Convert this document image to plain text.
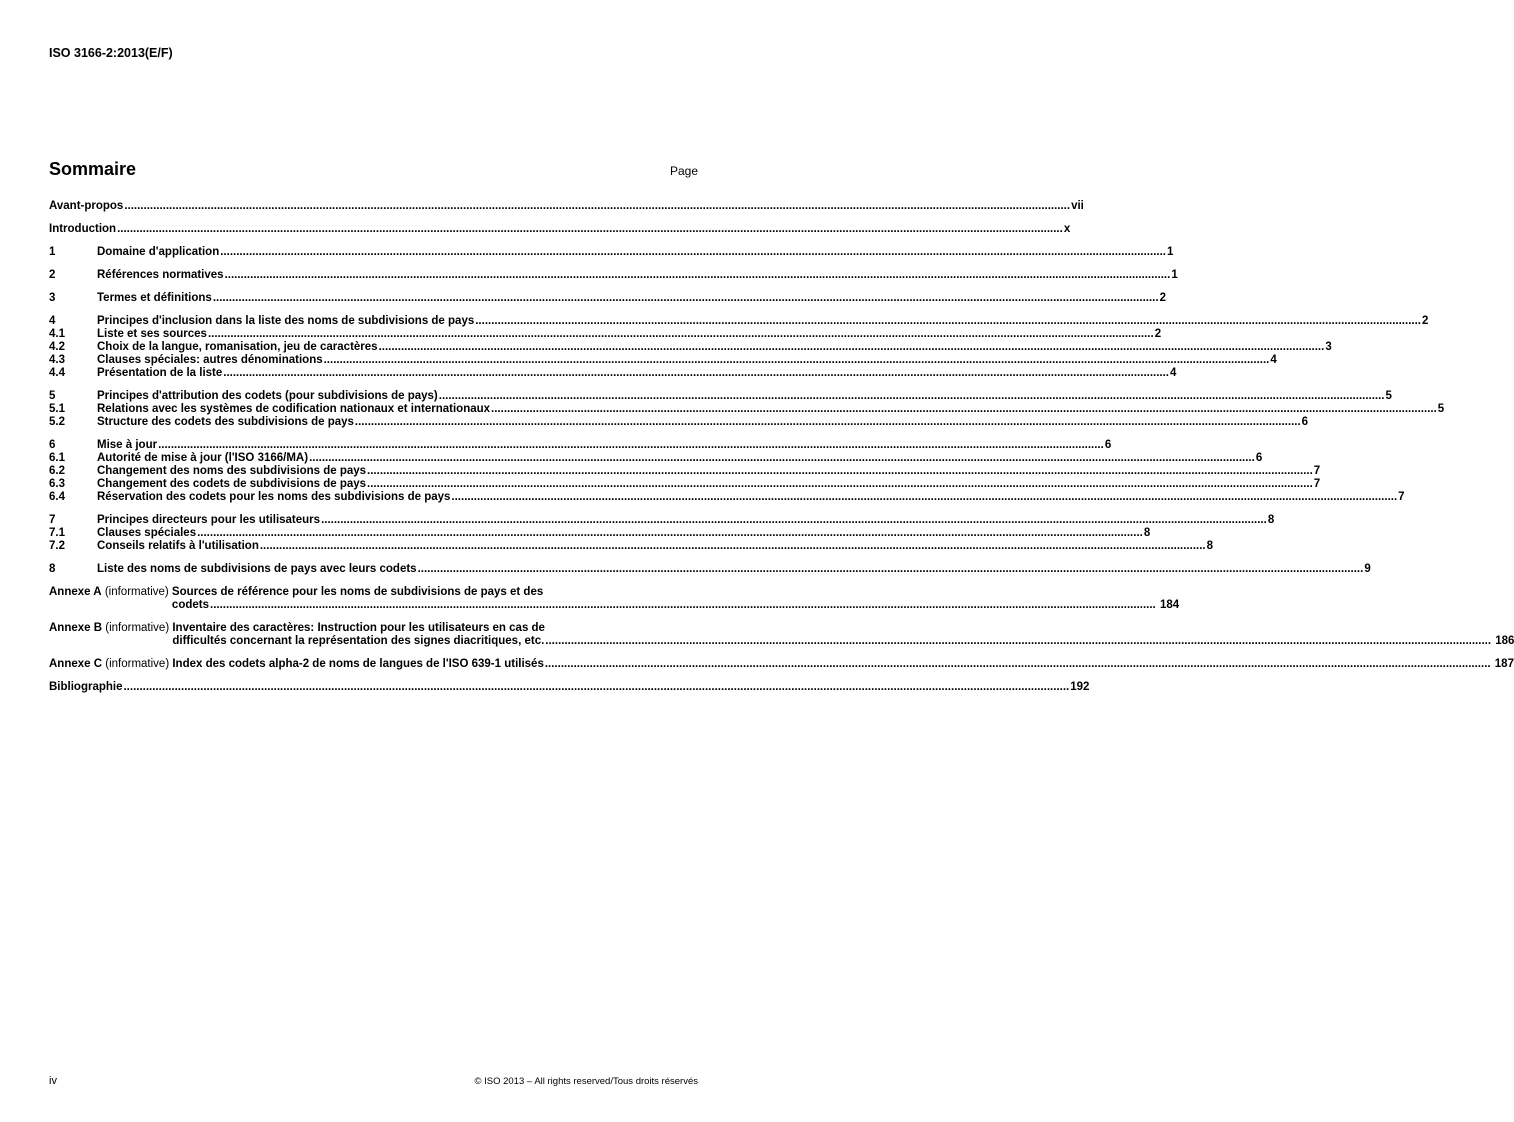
ISO 3166-2:2013(E/F)
Sommaire	Page
Avant-propos ........................................................................................................................................................................................................................................................................................................ vii
Introduction ........................................................................................................................................................................................................................................................................................................ x
1	Domaine d'application ........................................................................................................................................................................................................................................................................................................ 1
2	Références normatives ........................................................................................................................................................................................................................................................................................................ 1
3	Termes et définitions ........................................................................................................................................................................................................................................................................................................ 2
4	Principes d'inclusion dans la liste des noms de subdivisions de pays ........................................................................................................................................................................................................................................................................................................ 2
4.1	Liste et ses sources ........................................................................................................................................................................................................................................................................................................ 2
4.2	Choix de la langue, romanisation, jeu de caractères ........................................................................................................................................................................................................................................................................................................ 3
4.3	Clauses spéciales: autres dénominations ........................................................................................................................................................................................................................................................................................................ 4
4.4	Présentation de la liste ........................................................................................................................................................................................................................................................................................................ 4
5	Principes d'attribution des codets (pour subdivisions de pays) ........................................................................................................................................................................................................................................................................................................ 5
5.1	Relations avec les systèmes de codification nationaux et internationaux ........................................................................................................................................................................................................................................................................................................ 5
5.2	Structure des codets des subdivisions de pays ........................................................................................................................................................................................................................................................................................................ 6
6	Mise à jour ........................................................................................................................................................................................................................................................................................................ 6
6.1	Autorité de mise à jour (l'ISO 3166/MA) ........................................................................................................................................................................................................................................................................................................ 6
6.2	Changement des noms des subdivisions de pays ........................................................................................................................................................................................................................................................................................................ 7
6.3	Changement des codets de subdivisions de pays ........................................................................................................................................................................................................................................................................................................ 7
6.4	Réservation des codets pour les noms des subdivisions de pays ........................................................................................................................................................................................................................................................................................................ 7
7	Principes directeurs pour les utilisateurs ........................................................................................................................................................................................................................................................................................................ 8
7.1	Clauses spéciales ........................................................................................................................................................................................................................................................................................................ 8
7.2	Conseils relatifs à l'utilisation ........................................................................................................................................................................................................................................................................................................ 8
8	Liste des noms de subdivisions de pays avec leurs codets ........................................................................................................................................................................................................................................................................................................ 9
Annexe A (informative) Sources de référence pour les noms de subdivisions de pays et des
codets ........................................................................................................................................................................................................................................................................................................ 184
Annexe B (informative) Inventaire des caractères: Instruction pour les utilisateurs en cas de
difficultés concernant la représentation des signes diacritiques, etc. ........................................................................................................................................................................................................................................................................................................ 186
Annexe C (informative) Index des codets alpha-2 de noms de langues de l'ISO 639-1 utilisés ........................................................................................................................................................................................................................................................................................................ 187
Bibliographie ........................................................................................................................................................................................................................................................................................................ 192
iv	© ISO 2013 – All rights reserved/Tous droits réservés
